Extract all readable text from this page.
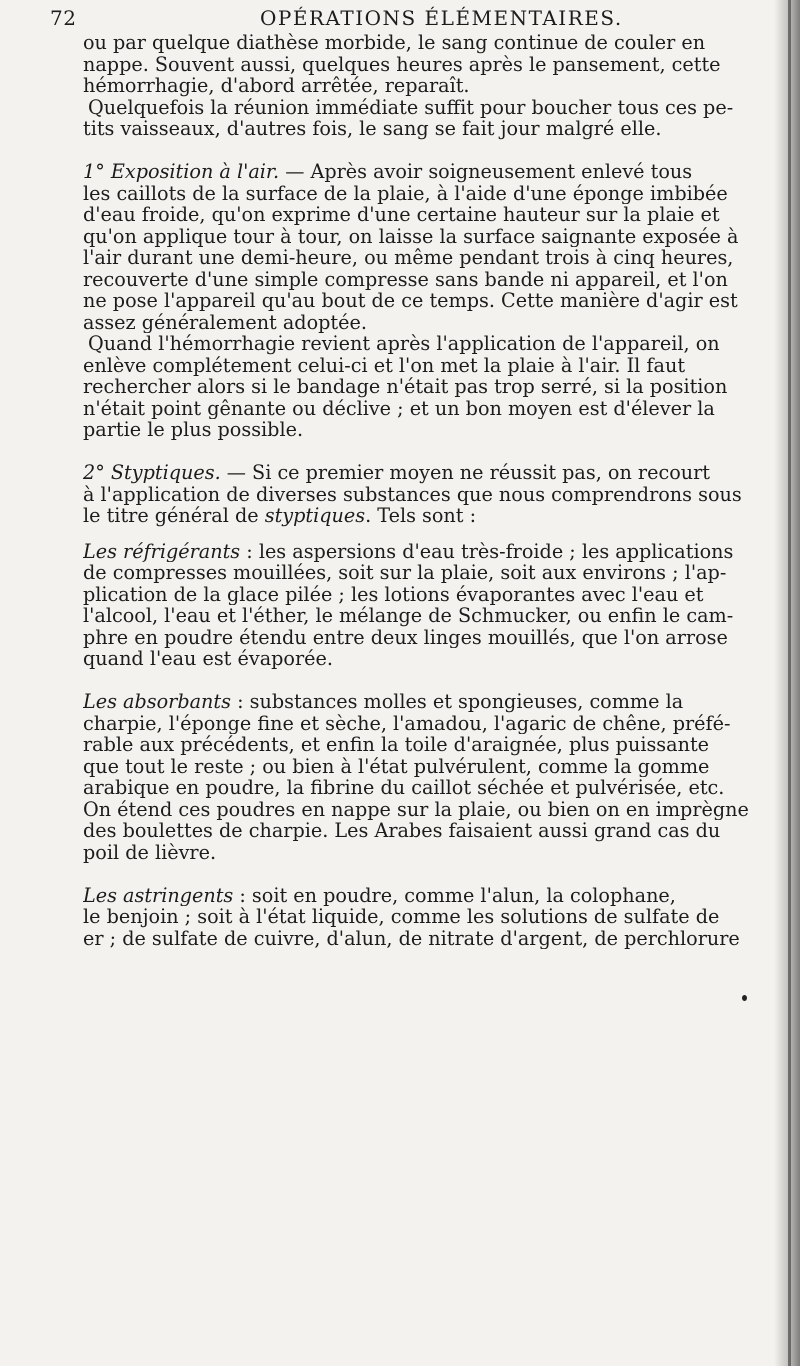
72	OPÉRATIONS ÉLÉMENTAIRES.
ou par quelque diathèse morbide, le sang continue de couler en
nappe. Souvent aussi, quelques heures après le pansement, cette
hémorrhagie, d'abord arrêtée, reparaît.
Quelquefois la réunion immédiate suffit pour boucher tous ces pe-
tits vaisseaux, d'autres fois, le sang se fait jour malgré elle.
1° Exposition à l'air. — Après avoir soigneusement enlevé tous
les caillots de la surface de la plaie, à l'aide d'une éponge imbibée
d'eau froide, qu'on exprime d'une certaine hauteur sur la plaie et
qu'on applique tour à tour, on laisse la surface saignante exposée à
l'air durant une demi-heure, ou même pendant trois à cinq heures,
recouverte d'une simple compresse sans bande ni appareil, et l'on
ne pose l'appareil qu'au bout de ce temps. Cette manière d'agir est
assez généralement adoptée.
Quand l'hémorrhagie revient après l'application de l'appareil, on
enlève complétement celui-ci et l'on met la plaie à l'air. Il faut
rechercher alors si le bandage n'était pas trop serré, si la position
n'était point gênante ou déclive ; et un bon moyen est d'élever la
partie le plus possible.
2° Styptiques. — Si ce premier moyen ne réussit pas, on recourt
à l'application de diverses substances que nous comprendrons sous
le titre général de styptiques. Tels sont :
Les réfrigérants : les aspersions d'eau très-froide ; les applications
de compresses mouillées, soit sur la plaie, soit aux environs ; l'ap-
plication de la glace pilée ; les lotions évaporantes avec l'eau et
l'alcool, l'eau et l'éther, le mélange de Schmucker, ou enfin le cam-
phre en poudre étendu entre deux linges mouillés, que l'on arrose
quand l'eau est évaporée.
Les absorbants : substances molles et spongieuses, comme la
charpie, l'éponge fine et sèche, l'amadou, l'agaric de chêne, préfé-
rable aux précédents, et enfin la toile d'araignée, plus puissante
que tout le reste ; ou bien à l'état pulvérulent, comme la gomme
arabique en poudre, la fibrine du caillot séchée et pulvérisée, etc.
On étend ces poudres en nappe sur la plaie, ou bien on en imprègne
des boulettes de charpie. Les Arabes faisaient aussi grand cas du
poil de lièvre.
Les astringents : soit en poudre, comme l'alun, la colophane,
le benjoin ; soit à l'état liquide, comme les solutions de sulfate de
er ; de sulfate de cuivre, d'alun, de nitrate d'argent, de perchlorure
